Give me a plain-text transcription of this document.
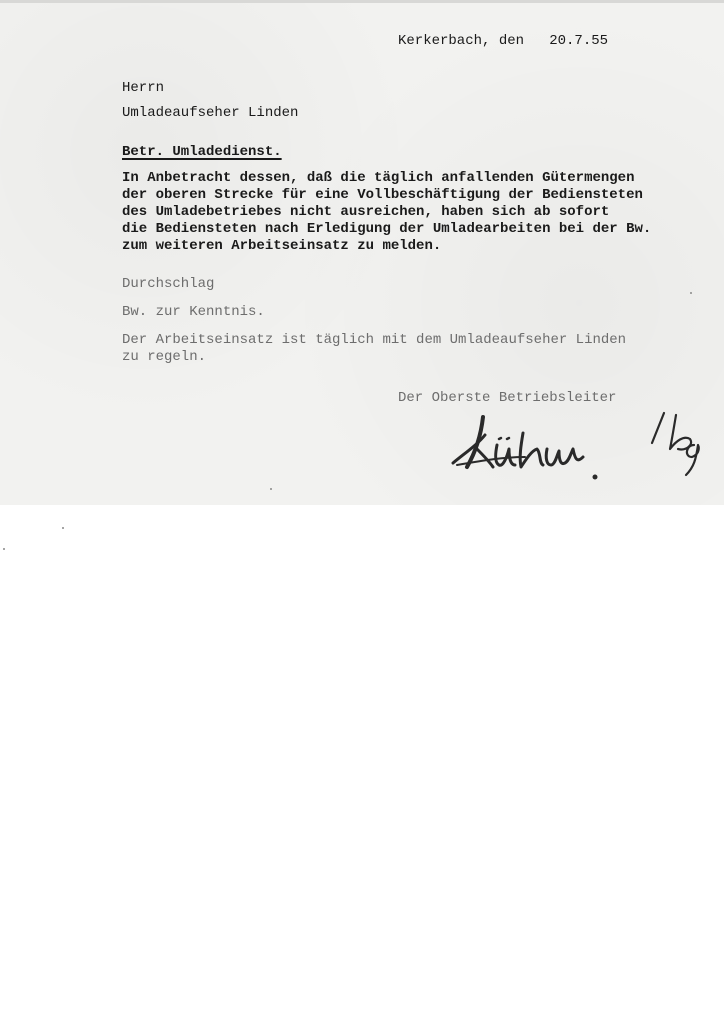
Kerkerbach, den   20.7.55
Herrn
Umladeaufseher Linden
Betr. Umladedienst.
In Anbetracht dessen, daß die täglich anfallenden Gütermengen
der oberen Strecke für eine Vollbeschäftigung der Bediensteten
des Umladebetriebes nicht ausreichen, haben sich ab sofort
die Bediensteten nach Erledigung der Umladearbeiten bei der Bw.
zum weiteren Arbeitseinsatz zu melden.
Durchschlag
Bw. zur Kenntnis.
Der Arbeitseinsatz ist täglich mit dem Umladeaufseher Linden
zu regeln.
Der Oberste Betriebsleiter
